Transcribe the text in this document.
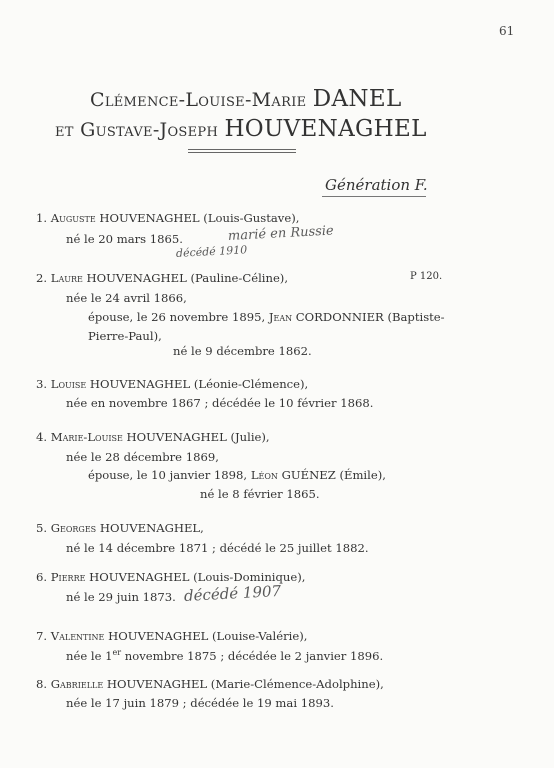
61
Clémence-Louise-Marie DANEL
et Gustave-Joseph HOUVENAGHEL
Génération F.
1. Auguste HOUVENAGHEL (Louis-Gustave),
né le 20 mars 1865.	marié en Russie
décédé 1910
2. Laure HOUVENAGHEL (Pauline-Céline),	P 120.
née le 24 avril 1866,
épouse, le 26 novembre 1895, Jean CORDONNIER (Baptiste-
Pierre-Paul),
né le 9 décembre 1862.
3. Louise HOUVENAGHEL (Léonie-Clémence),
née en novembre 1867 ; décédée le 10 février 1868.
4. Marie-Louise HOUVENAGHEL (Julie),
née le 28 décembre 1869,
épouse, le 10 janvier 1898, Léon GUÉNEZ (Émile),
né le 8 février 1865.
5. Georges HOUVENAGHEL,
né le 14 décembre 1871 ; décédé le 25 juillet 1882.
6. Pierre HOUVENAGHEL (Louis-Dominique),
né le 29 juin 1873. décédé 1907
7. Valentine HOUVENAGHEL (Louise-Valérie),
née le 1er novembre 1875 ; décédée le 2 janvier 1896.
8. Gabrielle HOUVENAGHEL (Marie-Clémence-Adolphine),
née le 17 juin 1879 ; décédée le 19 mai 1893.
